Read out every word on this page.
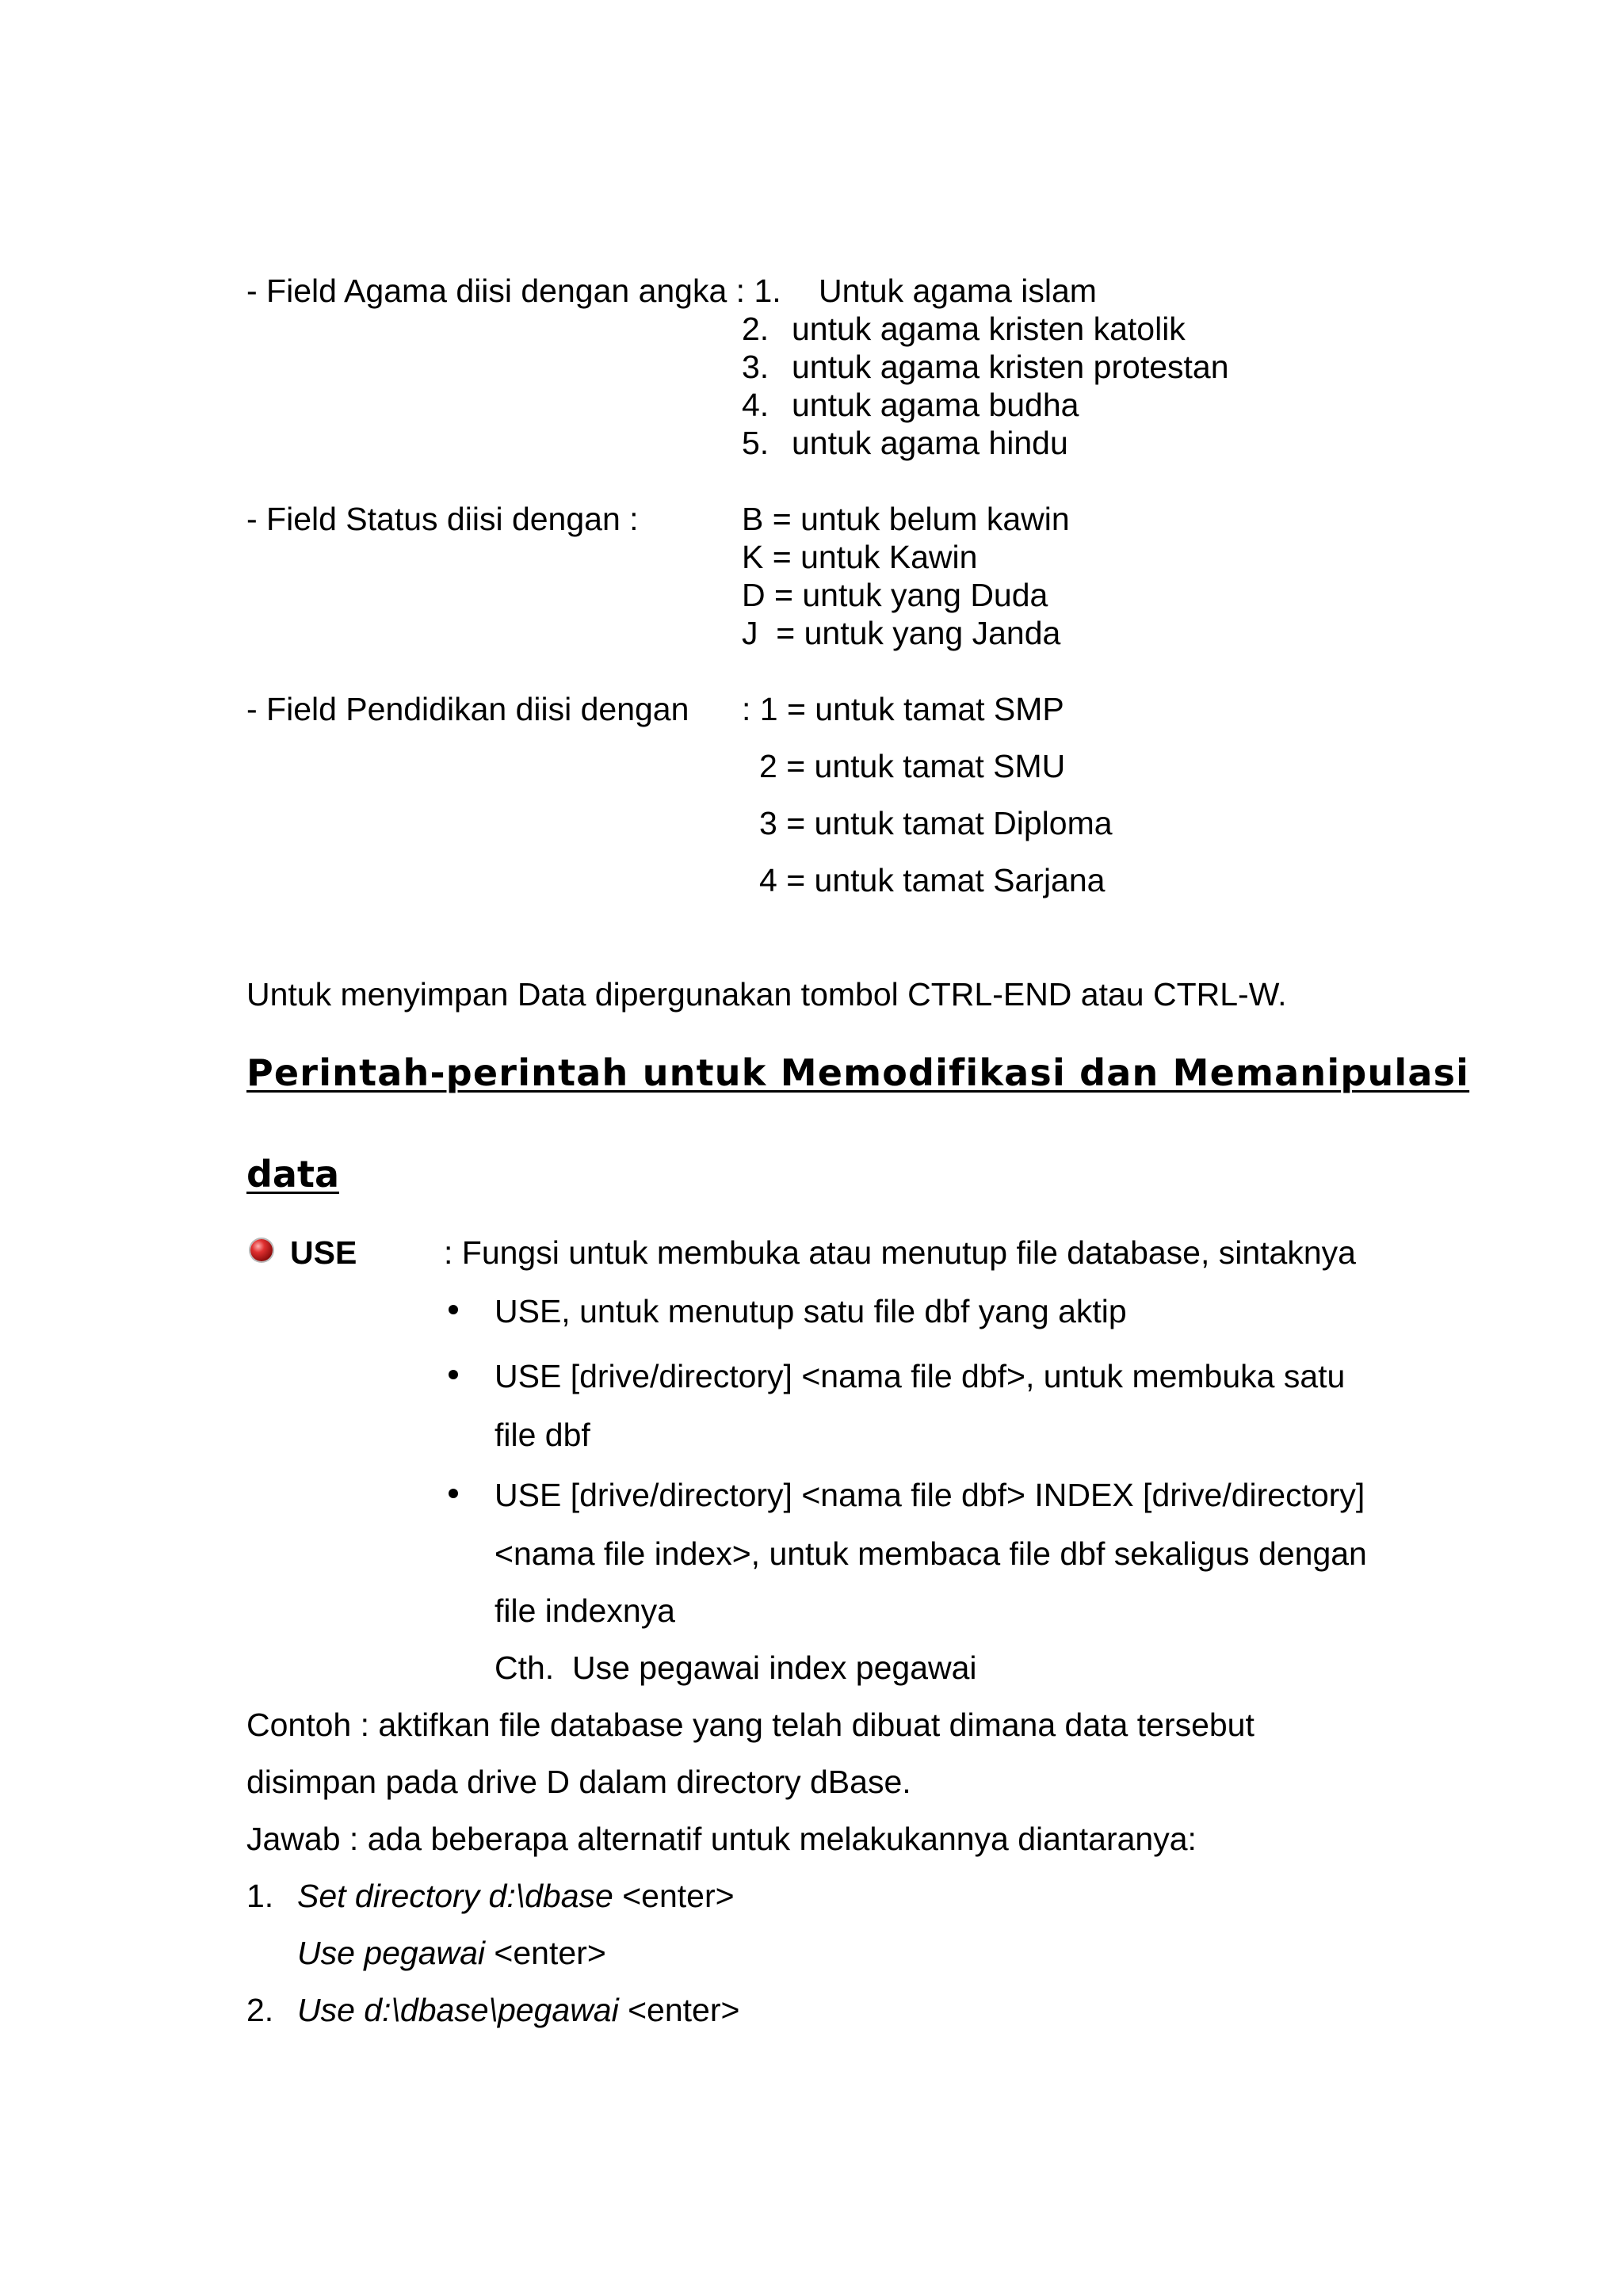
- Field Agama diisi dengan angka : 1. Untuk agama islam
2. untuk agama kristen katolik
3. untuk agama kristen protestan
4. untuk agama budha
5. untuk agama hindu
- Field Status diisi dengan :	B = untuk belum kawin
K = untuk Kawin
D = untuk yang Duda
J  = untuk yang Janda
- Field Pendidikan diisi dengan : 1 = untuk tamat SMP
2 = untuk tamat SMU
3 = untuk tamat Diploma
4 = untuk tamat Sarjana
Untuk menyimpan Data dipergunakan tombol CTRL-END atau CTRL-W.
Perintah-perintah untuk Memodifikasi dan Memanipulasi
data
USE	: Fungsi untuk membuka atau menutup file database, sintaknya
USE, untuk menutup satu file dbf yang aktip
USE [drive/directory] <nama file dbf>, untuk membuka satu
file dbf
USE [drive/directory] <nama file dbf> INDEX [drive/directory]
<nama file index>, untuk membaca file dbf sekaligus dengan
file indexnya
Cth.  Use pegawai index pegawai
Contoh : aktifkan file database yang telah dibuat dimana data tersebut
disimpan pada drive D dalam directory dBase.
Jawab : ada beberapa alternatif untuk melakukannya diantaranya:
1. Set directory d:\dbase <enter>
Use pegawai <enter>
2. Use d:\dbase\pegawai <enter>
